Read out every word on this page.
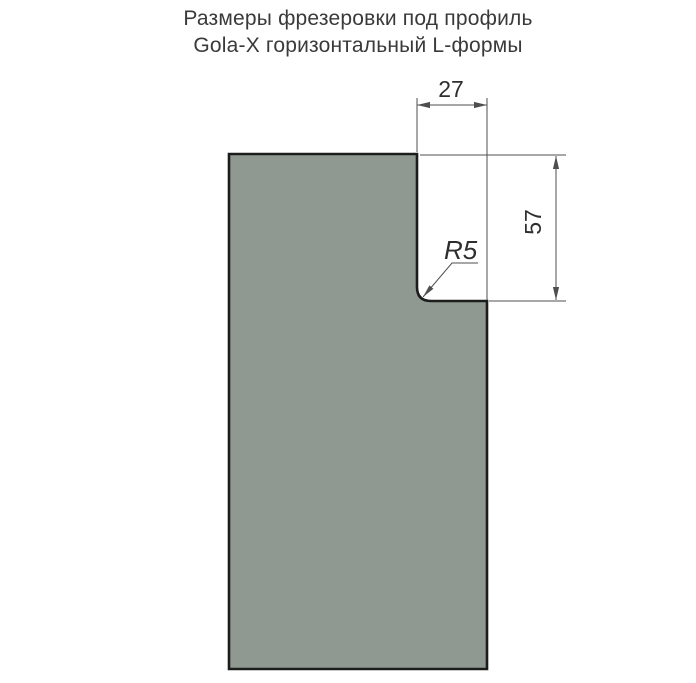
Размеры фрезеровки под профиль
Gola-X горизонтальный L-формы
27
57
R5
